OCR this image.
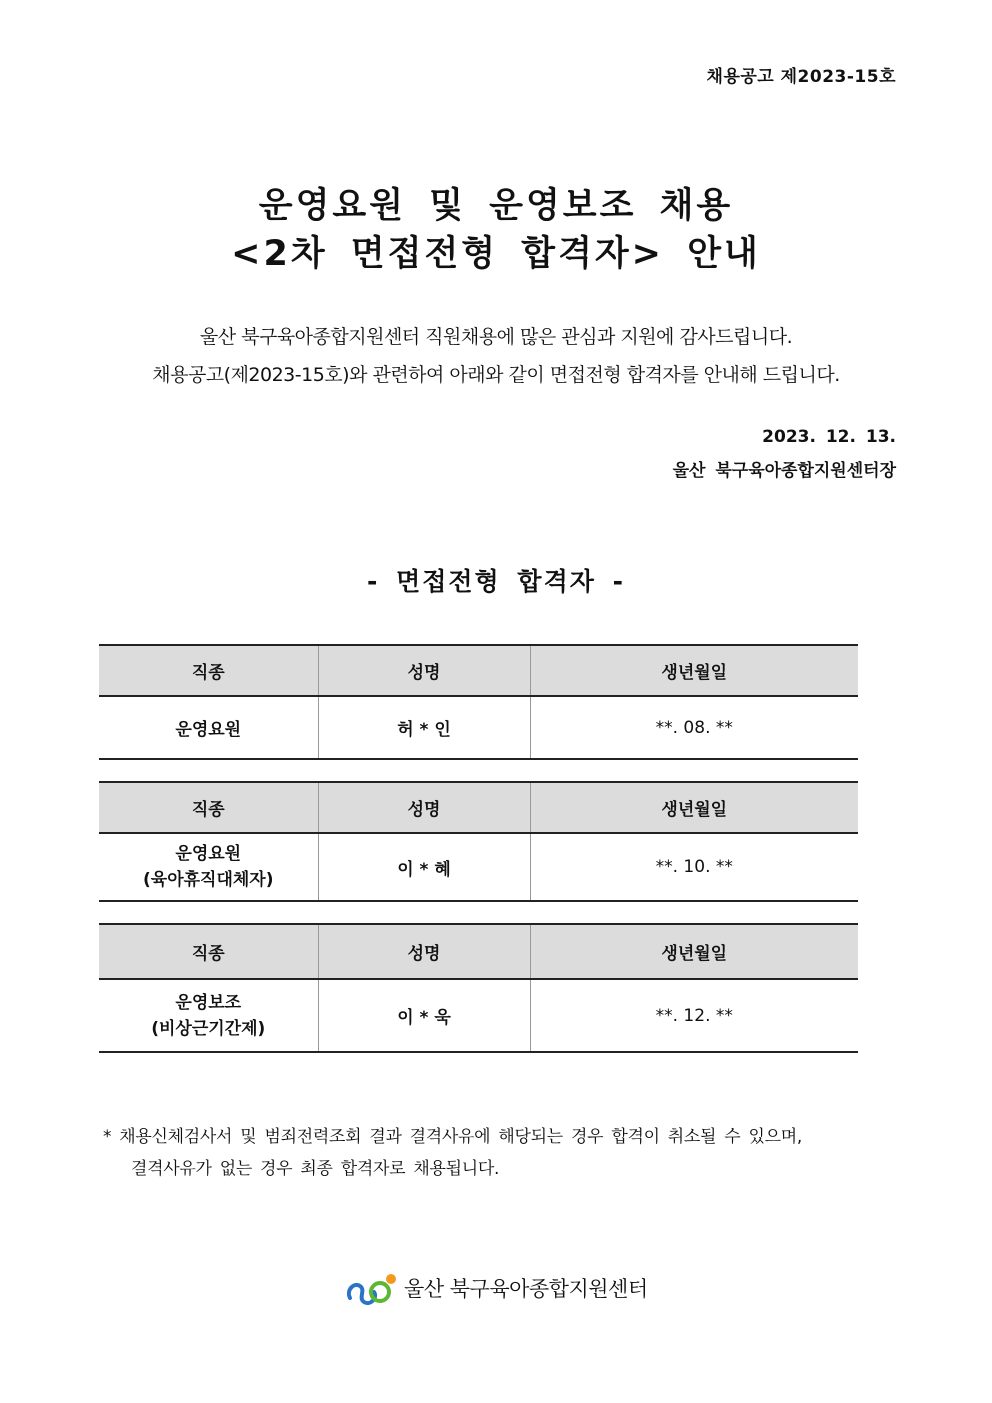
채용공고 제2023-15호
운영요원 및 운영보조 채용
<2차 면접전형 합격자> 안내
울산 북구육아종합지원센터 직원채용에 많은 관심과 지원에 감사드립니다.
채용공고(제2023-15호)와 관련하여 아래와 같이 면접전형 합격자를 안내해 드립니다.
2023. 12. 13.
울산 북구육아종합지원센터장
- 면접전형 합격자 -
직종	성명	생년월일
운영요원	허 * 인	**. 08. **
직종	성명	생년월일

운영요원
(육아휴직대체자)	이 * 혜	**. 10. **
직종	성명	생년월일

운영보조
(비상근기간제)	이 * 욱	**. 12. **
* 채용신체검사서 및 범죄전력조회 결과 결격사유에 해당되는 경우 합격이 취소될 수 있으며,
결격사유가 없는 경우 최종 합격자로 채용됩니다.
울산 북구육아종합지원센터
